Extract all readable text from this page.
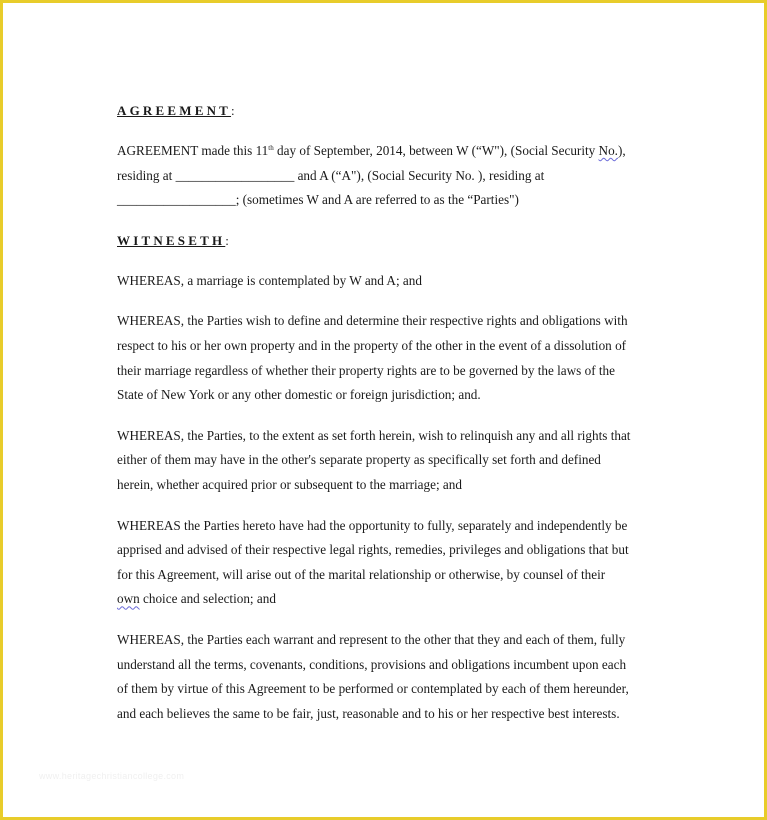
AGREEMENT:

AGREEMENT made this 11th day of September, 2014, between W (“W"), (Social Security No.),

residing at __________________ and A (“A"), (Social Security No. ), residing at

__________________; (sometimes W and A are referred to as the “Parties")

WITNESETH:

WHEREAS, a marriage is contemplated by W and A; and

WHEREAS, the Parties wish to define and determine their respective rights and obligations with

respect to his or her own property and in the property of the other in the event of a dissolution of

their marriage regardless of whether their property rights are to be governed by the laws of the

State of New York or any other domestic or foreign jurisdiction; and.

WHEREAS, the Parties, to the extent as set forth herein, wish to relinquish any and all rights that

either of them may have in the other's separate property as specifically set forth and defined

herein, whether acquired prior or subsequent to the marriage; and

WHEREAS the Parties hereto have had the opportunity to fully, separately and independently be

apprised and advised of their respective legal rights, remedies, privileges and obligations that but

for this Agreement, will arise out of the marital relationship or otherwise, by counsel of their

own choice and selection; and

WHEREAS, the Parties each warrant and represent to the other that they and each of them, fully

understand all the terms, covenants, conditions, provisions and obligations incumbent upon each

of them by virtue of this Agreement to be performed or contemplated by each of them hereunder,

and each believes the same to be fair, just, reasonable and to his or her respective best interests.

www.heritagechristiancollege.com
